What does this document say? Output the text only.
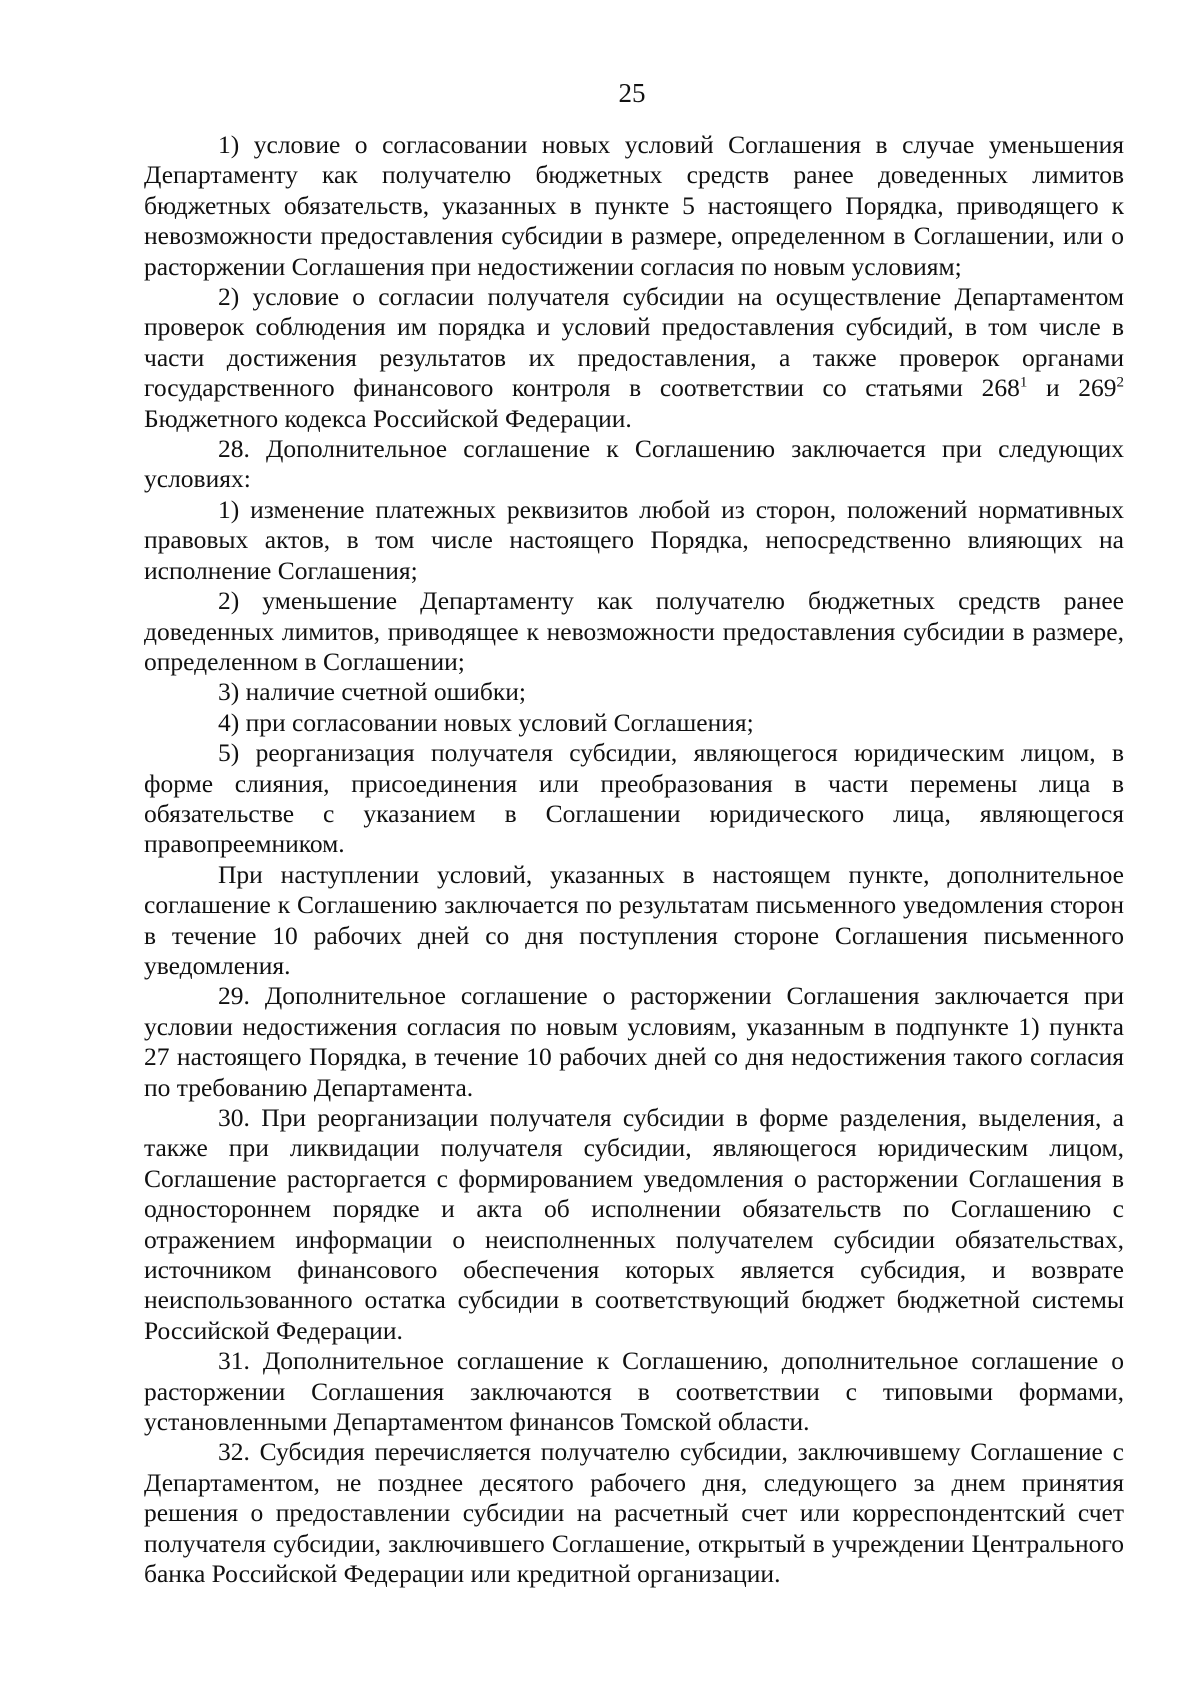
25

1) условие о согласовании новых условий Соглашения в случае уменьшения Департаменту как получателю бюджетных средств ранее доведенных лимитов бюджетных обязательств, указанных в пункте 5 настоящего Порядка, приводящего к невозможности предоставления субсидии в размере, определенном в Соглашении, или о расторжении Соглашения при недостижении согласия по новым условиям;

2) условие о согласии получателя субсидии на осуществление Департаментом проверок соблюдения им порядка и условий предоставления субсидий, в том числе в части достижения результатов их предоставления, а также проверок органами государственного финансового контроля в соответствии со статьями $268^1$ и $269^2$ Бюджетного кодекса Российской Федерации.

28. Дополнительное соглашение к Соглашению заключается при следующих условиях:

1) изменение платежных реквизитов любой из сторон, положений нормативных правовых актов, в том числе настоящего Порядка, непосредственно влияющих на исполнение Соглашения;

2) уменьшение Департаменту как получателю бюджетных средств ранее доведенных лимитов, приводящее к невозможности предоставления субсидии в размере, определенном в Соглашении;

3) наличие счетной ошибки;

4) при согласовании новых условий Соглашения;

5) реорганизация получателя субсидии, являющегося юридическим лицом, в форме слияния, присоединения или преобразования в части перемены лица в обязательстве с указанием в Соглашении юридического лица, являющегося правопреемником.

При наступлении условий, указанных в настоящем пункте, дополнительное соглашение к Соглашению заключается по результатам письменного уведомления сторон в течение 10 рабочих дней со дня поступления стороне Соглашения письменного уведомления.

29. Дополнительное соглашение о расторжении Соглашения заключается при условии недостижения согласия по новым условиям, указанным в подпункте 1) пункта 27 настоящего Порядка, в течение 10 рабочих дней со дня недостижения такого согласия по требованию Департамента.

30. При реорганизации получателя субсидии в форме разделения, выделения, а также при ликвидации получателя субсидии, являющегося юридическим лицом, Соглашение расторгается с формированием уведомления о расторжении Соглашения в одностороннем порядке и акта об исполнении обязательств по Соглашению с отражением информации о неисполненных получателем субсидии обязательствах, источником финансового обеспечения которых является субсидия, и возврате неиспользованного остатка субсидии в соответствующий бюджет бюджетной системы Российской Федерации.

31. Дополнительное соглашение к Соглашению, дополнительное соглашение о расторжении Соглашения заключаются в соответствии с типовыми формами, установленными Департаментом финансов Томской области.

32. Субсидия перечисляется получателю субсидии, заключившему Соглашение с Департаментом, не позднее десятого рабочего дня, следующего за днем принятия решения о предоставлении субсидии на расчетный счет или корреспондентский счет получателя субсидии, заключившего Соглашение, открытый в учреждении Центрального банка Российской Федерации или кредитной организации.
